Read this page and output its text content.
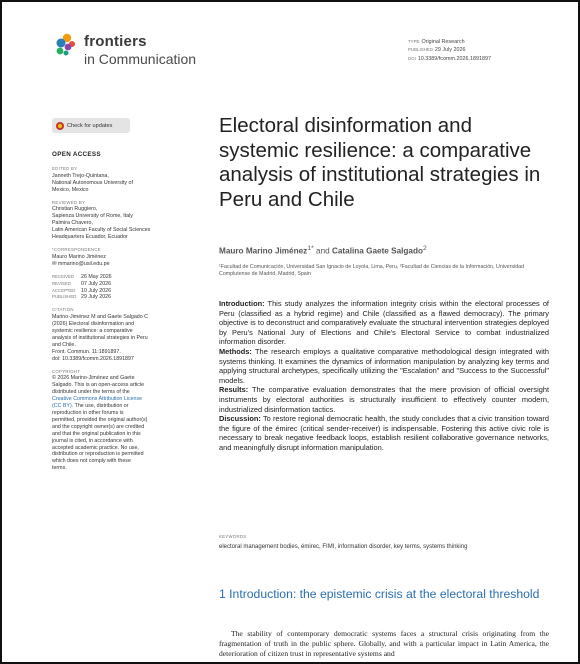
frontiers
in Communication
TYPE Original Research
PUBLISHED 29 July 2026
DOI 10.3389/fcomm.2026.1891897
Check for updates
OPEN ACCESS
EDITED BY
Janneth Trejo-Quintana,
National Autonomous University of
Mexico, Mexico
REVIEWED BY
Christian Ruggiero,
Sapienza University of Rome, Italy
Palmira Chavero,
Latin American Faculty of Social Sciences
Headquarters Ecuador, Ecuador
*CORRESPONDENCE
Mauro Marino Jiménez
✉ mmarino@usil.edu.pe
RECEIVED	26 May 2026
REVISED	07 July 2026
ACCEPTED	10 July 2026
PUBLISHED 29 July 2026
CITATION
Marino-Jiménez M and Gaete Salgado C
(2026) Electoral disinformation and
systemic resilience: a comparative
analysis of institutional strategies in Peru
and Chile.
Front. Commun. 11:1891897.
doi: 10.3389/fcomm.2026.1891897
COPYRIGHT
© 2026 Marino-Jiménez and Gaete
Salgado. This is an open-access article
distributed under the terms of the
Creative Commons Attribution License
(CC BY). The use, distribution or
reproduction in other forums is
permitted, provided the original author(s)
and the copyright owner(s) are credited
and that the original publication in this
journal is cited, in accordance with
accepted academic practice. No use,
distribution or reproduction is permitted
which does not comply with these
terms.
Electoral disinformation and systemic resilience: a comparative analysis of institutional strategies in Peru and Chile
Mauro Marino Jiménez$^{1*}$ and Catalina Gaete Salgado$^2$
¹Facultad de Comunicación, Universidad San Ignacio de Loyola, Lima, Peru, ²Facultad de Ciencias de la Información, Universidad Complutense de Madrid, Madrid, Spain

Introduction: This study analyzes the information integrity crisis within the electoral processes of Peru (classified as a hybrid regime) and Chile (classified as a flawed democracy). The primary objective is to deconstruct and comparatively evaluate the structural intervention strategies deployed by Peru's National Jury of Elections and Chile's Electoral Service to combat industrialized information disorder.

Methods: The research employs a qualitative comparative methodological design integrated with systems thinking. It examines the dynamics of information manipulation by analyzing key terms and applying structural archetypes, specifically utilizing the "Escalation" and "Success to the Successful" models.

Results: The comparative evaluation demonstrates that the mere provision of official oversight instruments by electoral authorities is structurally insufficient to effectively counter modern, industrialized disinformation tactics.

Discussion: To restore regional democratic health, the study concludes that a civic transition toward the figure of the émirec (critical sender-receiver) is indispensable. Fostering this active civic role is necessary to break negative feedback loops, establish resilient collaborative governance networks, and meaningfully disrupt information manipulation.

KEYWORDS
electoral management bodies, émirec, FIMI, information disorder, key terms, systems thinking
1 Introduction: the epistemic crisis at the electoral threshold
The stability of contemporary democratic systems faces a structural crisis originating from the fragmentation of truth in the public sphere. Globally, and with a particular impact in Latin America, the deterioration of citizen trust in representative systems and
